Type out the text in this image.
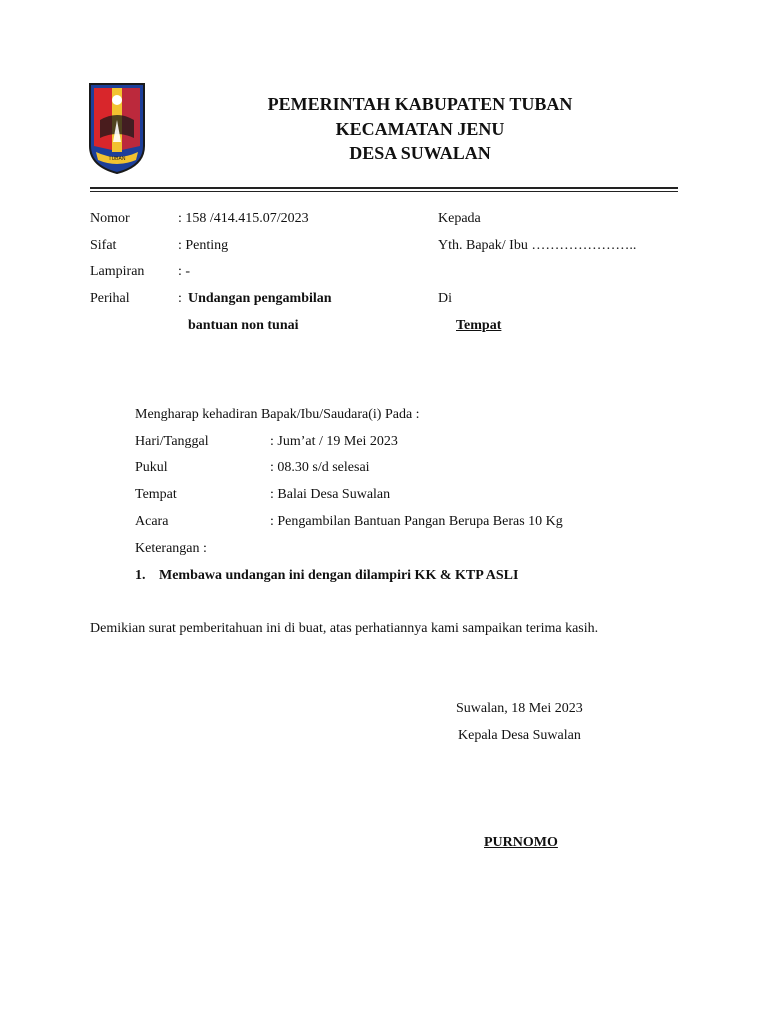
TUBAN
PEMERINTAH KABUPATEN TUBAN
KECAMATAN JENU
DESA SUWALAN
Nomor	: 158 /414.415.07/2023
Sifat	: Penting
Lampiran : -
Perihal	: Undangan pengambilan
bantuan non tunai
Kepada
Yth. Bapak/ Ibu …………………..
Di
Tempat
Mengharap kehadiran Bapak/Ibu/Saudara(i) Pada :
Hari/Tanggal	: Jum’at / 19 Mei 2023
Pukul	: 08.30 s/d selesai
Tempat	: Balai Desa Suwalan
Acara	: Pengambilan Bantuan Pangan Berupa Beras 10 Kg
Keterangan :
1. Membawa undangan ini dengan dilampiri KK & KTP ASLI
Demikian surat pemberitahuan ini di buat, atas perhatiannya kami sampaikan terima kasih.
Suwalan, 18 Mei 2023
Kepala Desa Suwalan
PURNOMO
